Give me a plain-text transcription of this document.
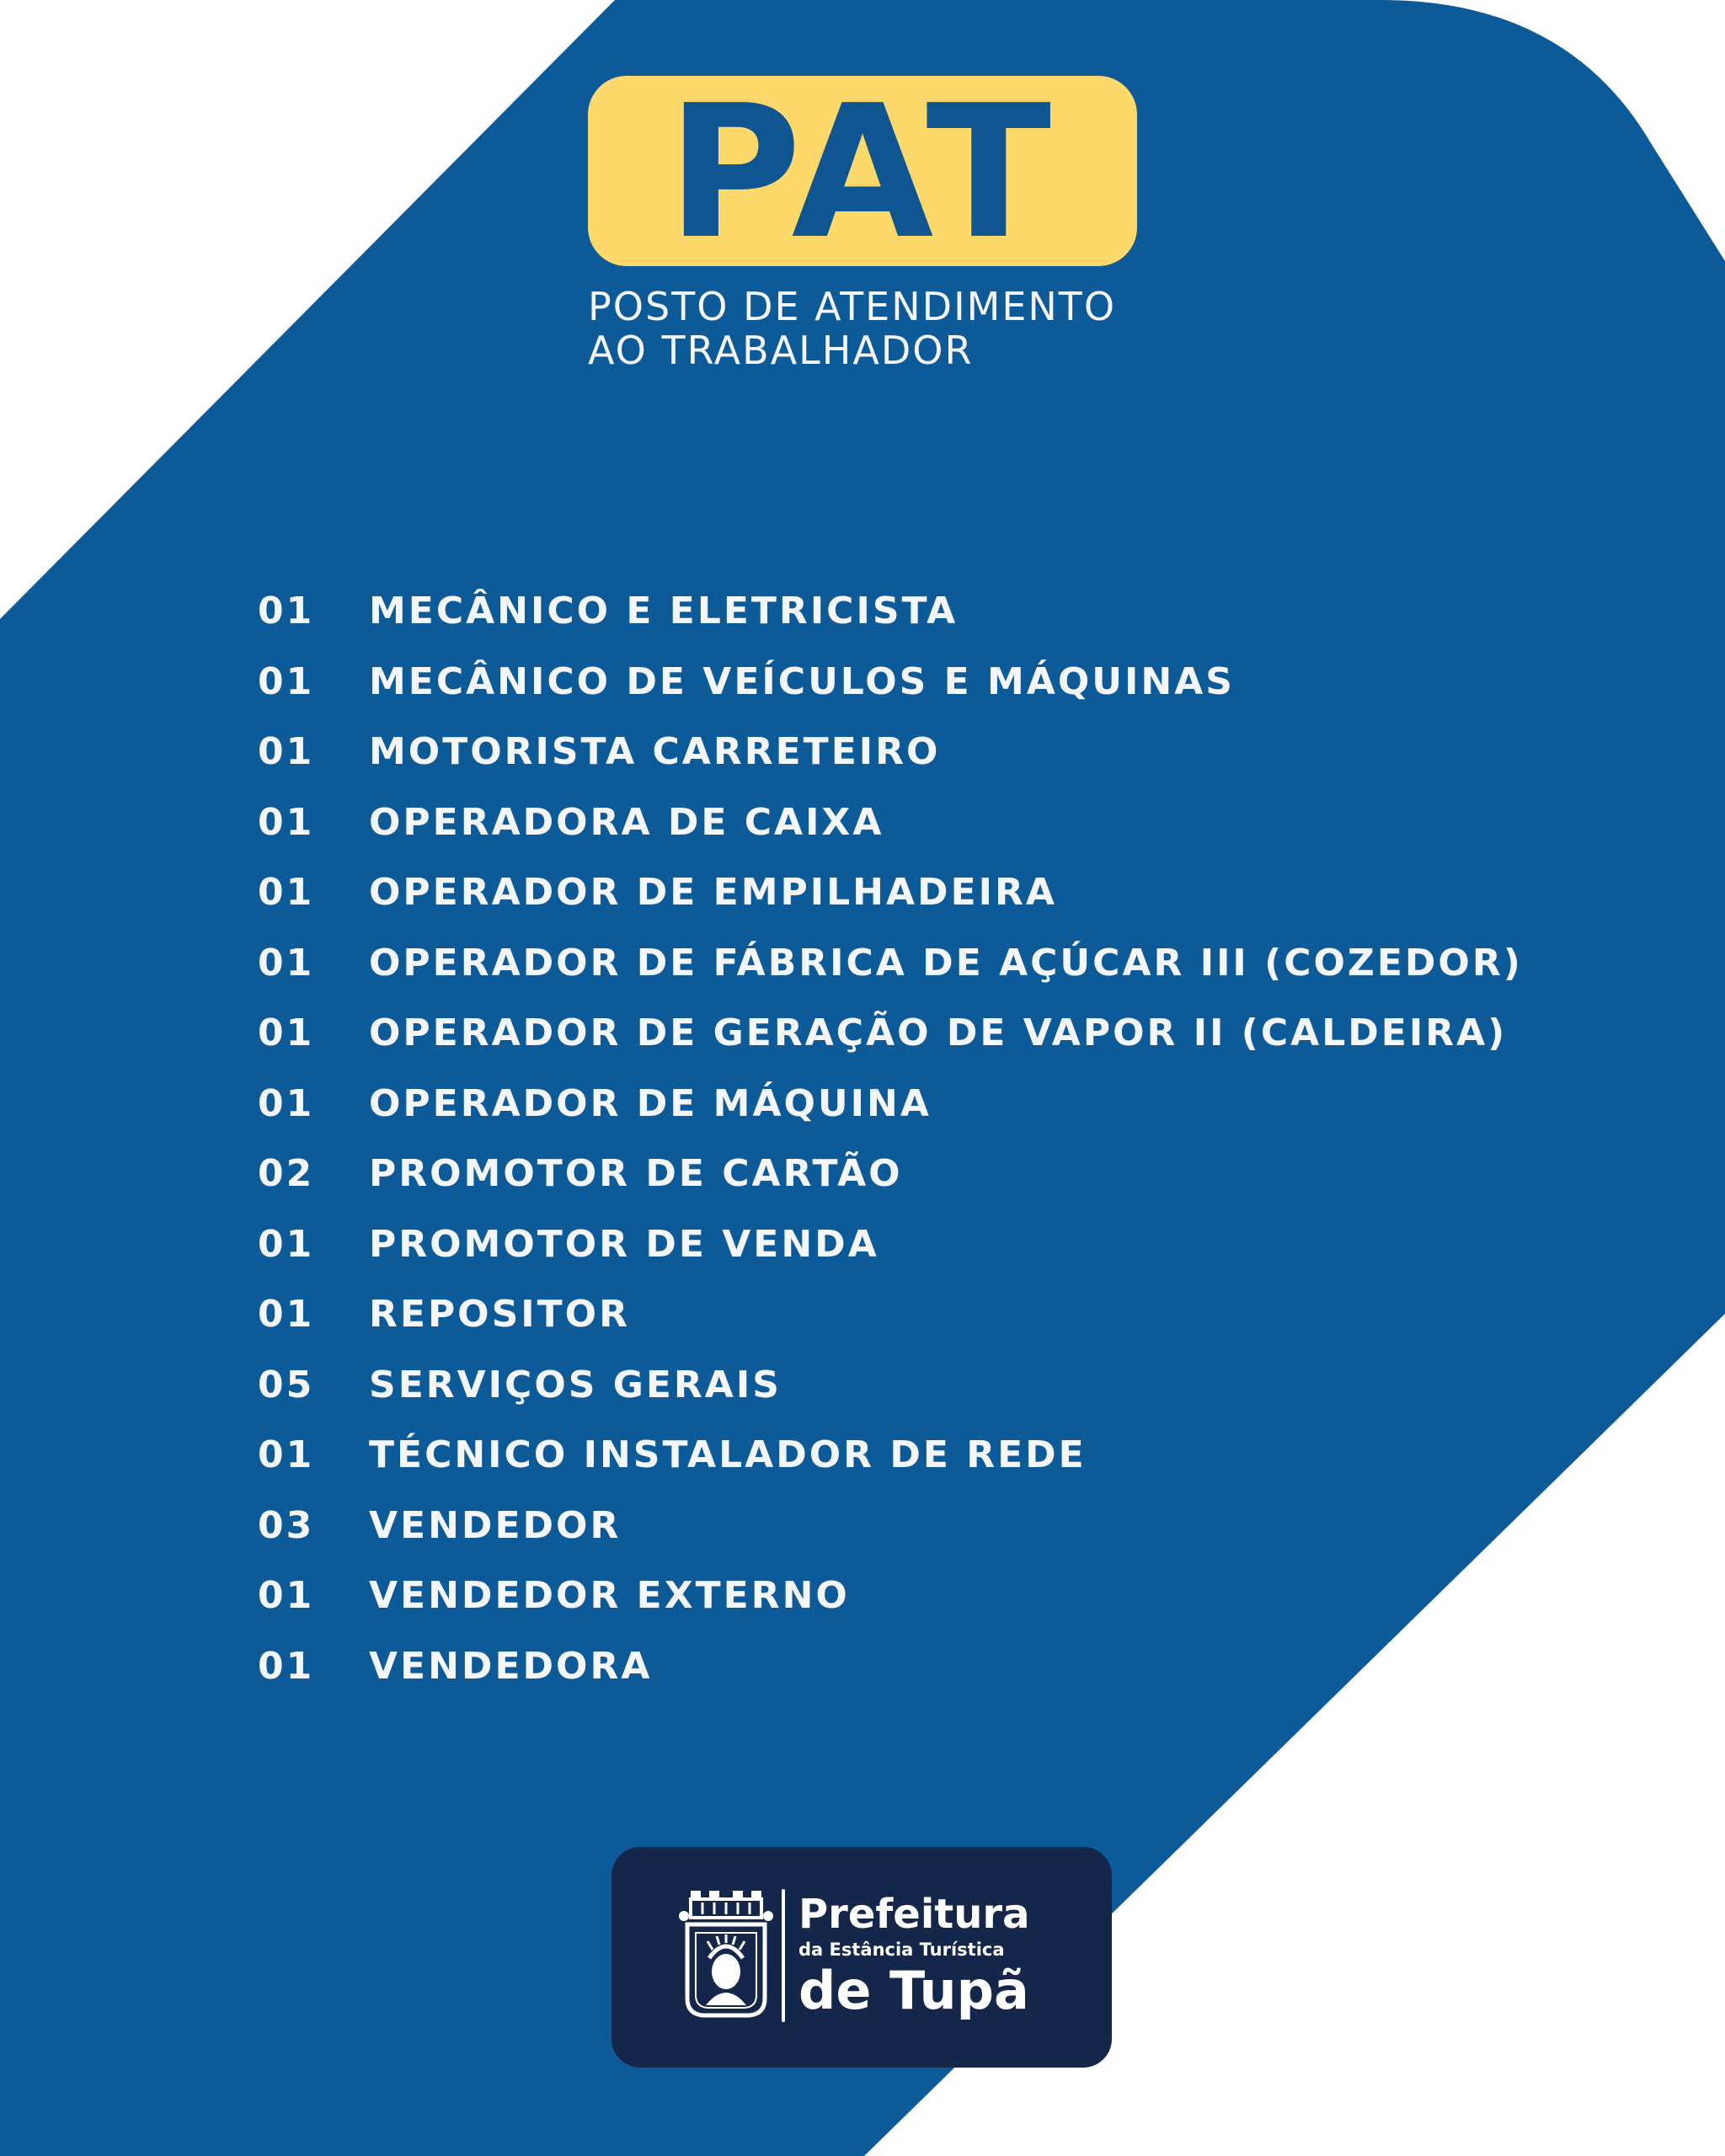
PAT
POSTO DE ATENDIMENTO
AO TRABALHADOR
01	MECÂNICO E ELETRICISTA
01	MECÂNICO DE VEÍCULOS E MÁQUINAS
01	MOTORISTA CARRETEIRO
01	OPERADORA DE CAIXA
01	OPERADOR DE EMPILHADEIRA
01	OPERADOR DE FÁBRICA DE AÇÚCAR III (COZEDOR)
01	OPERADOR DE GERAÇÃO DE VAPOR II (CALDEIRA)
01	OPERADOR DE MÁQUINA
02	PROMOTOR DE CARTÃO
01	PROMOTOR DE VENDA
01	REPOSITOR
05	SERVIÇOS GERAIS
01	TÉCNICO INSTALADOR DE REDE
03	VENDEDOR
01	VENDEDOR EXTERNO
01	VENDEDORA
Prefeitura
da Estância Turística
de Tupã
